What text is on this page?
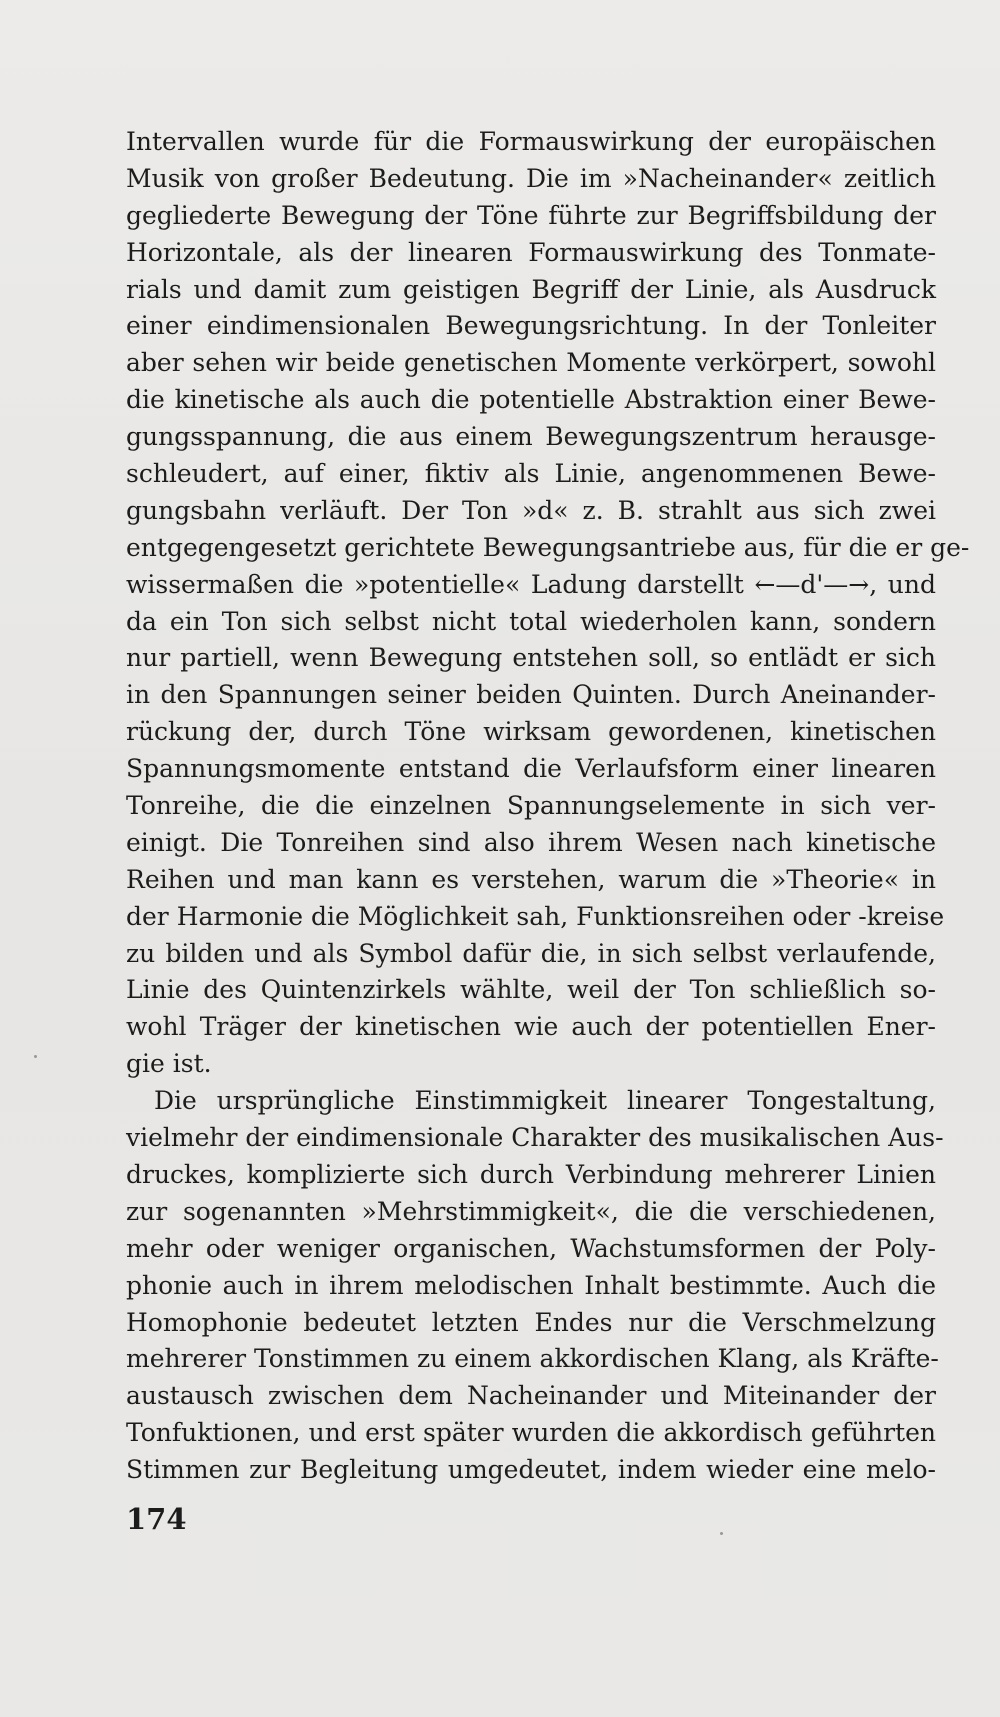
Intervallen wurde für die Formauswirkung der europäischen
Musik von großer Bedeutung. Die im »Nacheinander« zeitlich
gegliederte Bewegung der Töne führte zur Begriffsbildung der
Horizontale, als der linearen Formauswirkung des Tonmate-
rials und damit zum geistigen Begriff der Linie, als Ausdruck
einer eindimensionalen Bewegungsrichtung. In der Tonleiter
aber sehen wir beide genetischen Momente verkörpert, sowohl
die kinetische als auch die potentielle Abstraktion einer Bewe-
gungsspannung, die aus einem Bewegungszentrum herausge-
schleudert, auf einer, fiktiv als Linie, angenommenen Bewe-
gungsbahn verläuft. Der Ton »d« z. B. strahlt aus sich zwei
entgegengesetzt gerichtete Bewegungsantriebe aus, für die er ge-
wissermaßen die »potentielle« Ladung darstellt ←—d'—→, und
da ein Ton sich selbst nicht total wiederholen kann, sondern
nur partiell, wenn Bewegung entstehen soll, so entlädt er sich
in den Spannungen seiner beiden Quinten. Durch Aneinander-
rückung der, durch Töne wirksam gewordenen, kinetischen
Spannungsmomente entstand die Verlaufsform einer linearen
Tonreihe, die die einzelnen Spannungselemente in sich ver-
einigt. Die Tonreihen sind also ihrem Wesen nach kinetische
Reihen und man kann es verstehen, warum die »Theorie« in
der Harmonie die Möglichkeit sah, Funktionsreihen oder -kreise
zu bilden und als Symbol dafür die, in sich selbst verlaufende,
Linie des Quintenzirkels wählte, weil der Ton schließlich so-
wohl Träger der kinetischen wie auch der potentiellen Ener-
gie ist.
Die ursprüngliche Einstimmigkeit linearer Tongestaltung,
vielmehr der eindimensionale Charakter des musikalischen Aus-
druckes, komplizierte sich durch Verbindung mehrerer Linien
zur sogenannten »Mehrstimmigkeit«, die die verschiedenen,
mehr oder weniger organischen, Wachstumsformen der Poly-
phonie auch in ihrem melodischen Inhalt bestimmte. Auch die
Homophonie bedeutet letzten Endes nur die Verschmelzung
mehrerer Tonstimmen zu einem akkordischen Klang, als Kräfte-
austausch zwischen dem Nacheinander und Miteinander der
Tonfuktionen, und erst später wurden die akkordisch geführten
Stimmen zur Begleitung umgedeutet, indem wieder eine melo-
174
